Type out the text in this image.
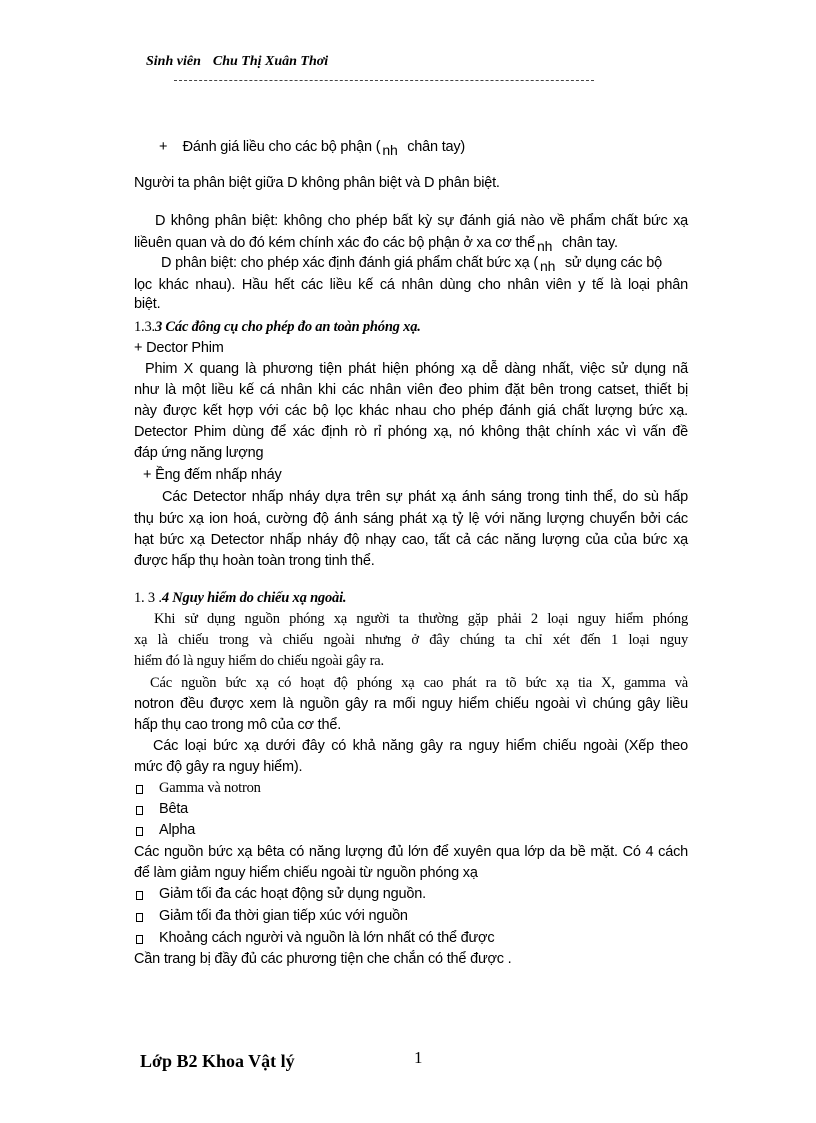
Sinh viên Chu Thị Xuân Thơi
+ Đánh giá liều cho các bộ phận ( nh chân tay)
Người ta phân biệt giữa D không phân biệt và D phân biệt.
D không phân biệt: không cho phép bất kỳ sự đánh giá nào về phẩm chất bức xạ
liềuên quan và do đó kém chính xác đo các bộ phận ở xa cơ thể nh chân tay.
D phân biệt: cho phép xác định đánh giá phẩm chất bức xạ ( nh sử dụng các bộ
lọc khác nhau). Hầu hết các liều kế cá nhân dùng cho nhân viên y tế là loại phân
biệt.
1.3.3 Các đông cụ cho phép đo an toàn phóng xạ.
+ Dector Phim
Phim X quang là phương tiện phát hiện phóng xạ dễ dàng nhất, việc sử dụng nã
như là một liều kế cá nhân khi các nhân viên đeo phim đặt bên trong catset, thiết bị
này được kết hợp với các bộ lọc khác nhau cho phép đánh giá chất lượng bức xạ.
Detector Phim dùng để xác định rò rỉ phóng xạ, nó không thật chính xác vì vấn đề
đáp ứng năng lượng
+ Ềng đếm nhấp nháy
Các Detector nhấp nháy dựa trên sự phát xạ ánh sáng trong tinh thể, do sù hấp
thụ bức xạ ion hoá, cường độ ánh sáng phát xạ tỷ lệ với năng lượng chuyển bởi các
hạt bức xạ Detector nhấp nháy độ nhạy cao, tất cả các năng lượng của của bức xạ
được hấp thụ hoàn toàn trong tinh thể.
1. 3 .4 Nguy hiểm do chiếu xạ ngoài.
Khi sử dụng nguồn phóng xạ người ta thường gặp phải 2 loại nguy hiểm phóng
xạ là chiếu trong và chiếu ngoài nhưng ở đây chúng ta chỉ xét đến 1 loại nguy
hiểm đó là nguy hiểm do chiếu ngoài gây ra.
Các nguồn bức xạ có hoạt độ phóng xạ cao phát ra tõ bức xạ tia X, gamma và
notron đều được xem là nguồn gây ra mối nguy hiểm chiếu ngoài vì chúng gây liều
hấp thụ cao trong mô của cơ thể.
Các loại bức xạ dưới đây có khả năng gây ra nguy hiểm chiếu ngoài (Xếp theo
mức độ gây ra nguy hiểm).
Gamma và notron
Bêta
Alpha
Các nguồn bức xạ bêta có năng lượng đủ lớn để xuyên qua lớp da bề mặt. Có 4 cách
để làm giảm nguy hiểm chiếu ngoài từ nguồn phóng xạ
Giảm tối đa các hoạt động sử dụng nguồn.
Giảm tối đa thời gian tiếp xúc với nguồn
Khoảng cách người và nguồn là lớn nhất có thể được
Cần trang bị đầy đủ các phương tiện che chắn có thể được .
Lớp B2 Khoa Vật lý	1
